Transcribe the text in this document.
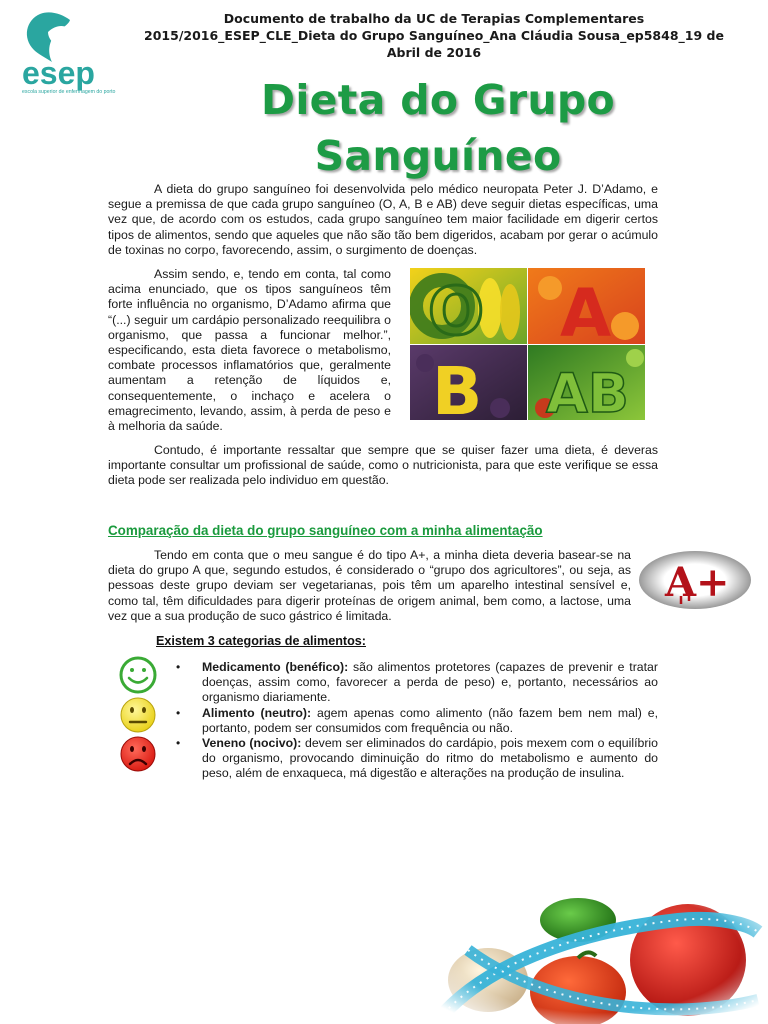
esep
escola superior de enfermagem do porto
Documento de trabalho da UC de Terapias Complementares 2015/2016_ESEP_CLE_Dieta do Grupo Sanguíneo_Ana Cláudia Sousa_ep5848_19 de Abril de 2016
Dieta do Grupo Sanguíneo
A dieta do grupo sanguíneo foi desenvolvida pelo médico neuropata Peter J. D’Adamo, e segue a premissa de que cada grupo sanguíneo (O, A, B e AB) deve seguir dietas específicas, uma vez que, de acordo com os estudos, cada grupo sanguíneo tem maior facilidade em digerir certos tipos de alimentos, sendo que aqueles que não são tão bem digeridos, acabam por gerar o acúmulo de toxinas no corpo, favorecendo, assim, o surgimento de doenças.
Assim sendo, e, tendo em conta, tal como acima enunciado, que os tipos sanguíneos têm forte influência no organismo, D’Adamo afirma que “(...) seguir um cardápio personalizado reequilibra o organismo, que passa a funcionar melhor.”, especificando, esta dieta favorece o metabolismo, combate processos inflamatórios que, geralmente aumentam a retenção de líquidos e, consequentemente, o inchaço e acelera o emagrecimento, levando, assim, à perda de peso e à melhoria da saúde.
O A
B AB
Contudo, é importante ressaltar que sempre que se quiser fazer uma dieta, é deveras importante consultar um profissional de saúde, como o nutricionista, para que este verifique se essa dieta pode ser realizada pelo individuo em questão.
Comparação da dieta do grupo sanguíneo com a minha alimentação
Tendo em conta que o meu sangue é do tipo A+, a minha dieta deveria basear-se na dieta do grupo A que, segundo estudos, é considerado o “grupo dos agricultores”, ou seja, as pessoas deste grupo deviam ser vegetarianas, pois têm um aparelho intestinal sensível e, como tal, têm dificuldades para digerir proteínas de origem animal, bem como, a lactose, uma vez que a sua produção de suco gástrico é limitada.
A+
Existem 3 categorias de alimentos:
• Medicamento (benéfico): são alimentos protetores (capazes de prevenir e tratar doenças, assim como, favorecer a perda de peso) e, portanto, necessários ao organismo diariamente.
• Alimento (neutro): agem apenas como alimento (não fazem bem nem mal) e, portanto, podem ser consumidos com frequência ou não.
• Veneno (nocivo): devem ser eliminados do cardápio, pois mexem com o equilíbrio do organismo, provocando diminuição do ritmo do metabolismo e aumento do peso, além de enxaqueca, má digestão e alterações na produção de insulina.
